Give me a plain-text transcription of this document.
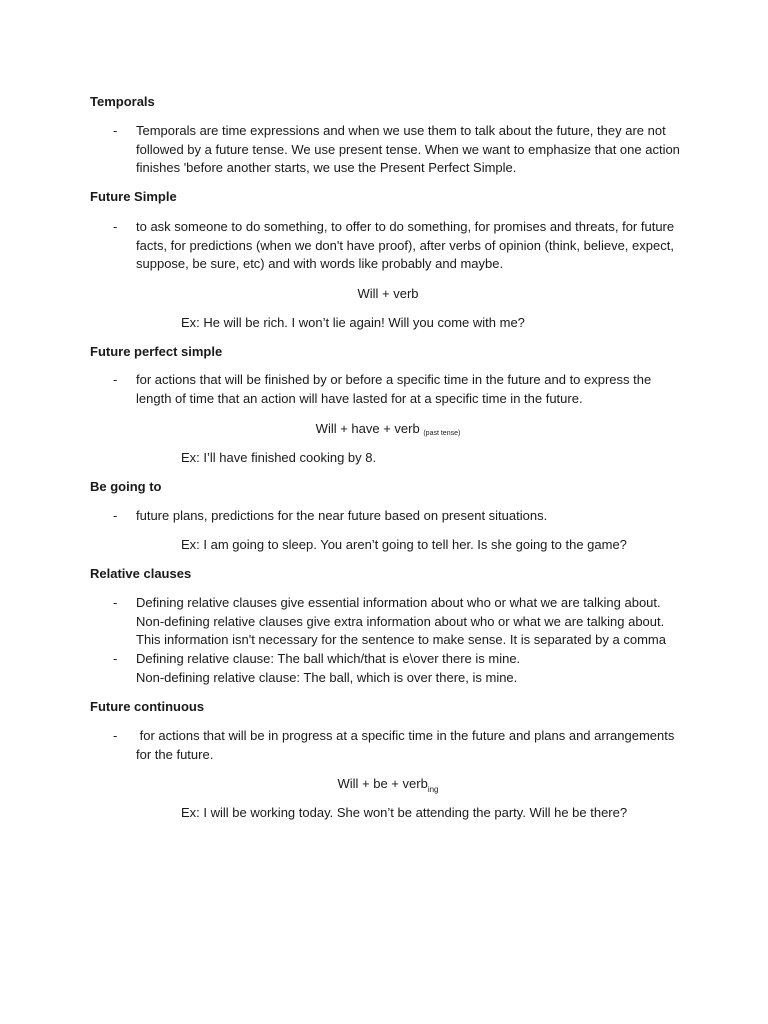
Temporals
- Temporals are time expressions and when we use them to talk about the future, they are not
followed by a future tense. We use present tense. When we want to emphasize that one action
finishes 'before another starts, we use the Present Perfect Simple.
Future Simple
- to ask someone to do something, to offer to do something, for promises and threats, for future
facts, for predictions (when we don't have proof), after verbs of opinion (think, believe, expect,
suppose, be sure, etc) and with words like probably and maybe.
Will + verb
Ex: He will be rich. I won’t lie again! Will you come with me?
Future perfect simple
- for actions that will be finished by or before a specific time in the future and to express the
length of time that an action will have lasted for at a specific time in the future.
Will + have + verb (past tense)
Ex: I’ll have finished cooking by 8.
Be going to
- future plans, predictions for the near future based on present situations.
Ex: I am going to sleep. You aren’t going to tell her. Is she going to the game?
Relative clauses
- Defining relative clauses give essential information about who or what we are talking about.
Non-defining relative clauses give extra information about who or what we are talking about.
This information isn't necessary for the sentence to make sense. It is separated by a comma
- Defining relative clause: The ball which/that is e\over there is mine.
Non-defining relative clause: The ball, which is over there, is mine.
Future continuous
- for actions that will be in progress at a specific time in the future and plans and arrangements
for the future.
Will + be + verb$_{ing}$
Ex: I will be working today. She won’t be attending the party. Will he be there?
